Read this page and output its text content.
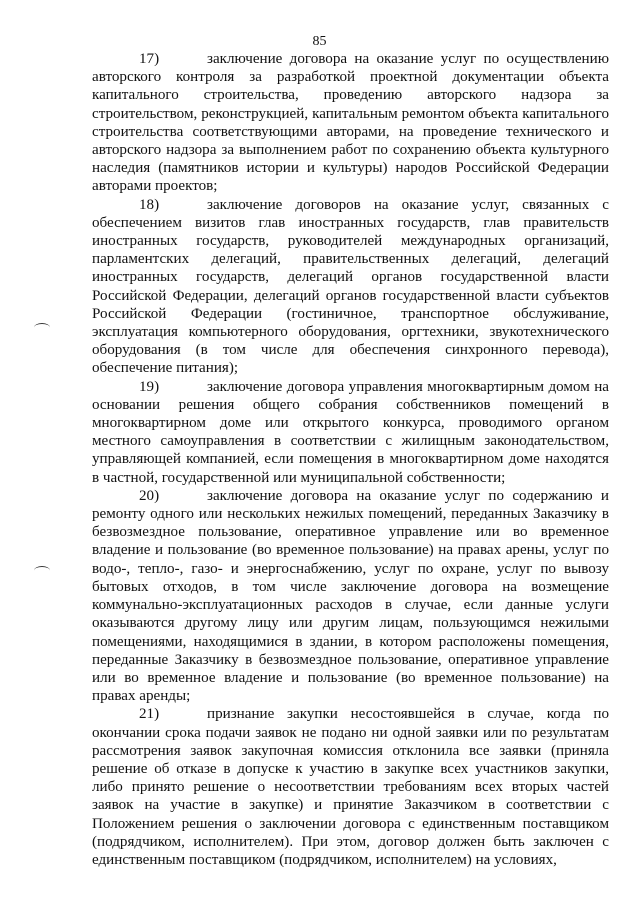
85

17)	заключение договора на оказание услуг по осуществлению авторского контроля за разработкой проектной документации объекта капитального строительства, проведению авторского надзора за строительством, реконструкцией, капитальным ремонтом объекта капитального строительства соответствующими авторами, на проведение технического и авторского надзора за выполнением работ по сохранению объекта культурного наследия (памятников истории и культуры) народов Российской Федерации авторами проектов;

18)	заключение договоров на оказание услуг, связанных с обеспечением визитов глав иностранных государств, глав правительств иностранных государств, руководителей международных организаций, парламентских делегаций, правительственных делегаций, делегаций иностранных государств, делегаций органов государственной власти Российской Федерации, делегаций органов государственной власти субъектов Российской Федерации (гостиничное, транспортное обслуживание, эксплуатация компьютерного оборудования, оргтехники, звукотехнического оборудования (в том числе для обеспечения синхронного перевода), обеспечение питания);

19)	заключение договора управления многоквартирным домом на основании решения общего собрания собственников помещений в многоквартирном доме или открытого конкурса, проводимого органом местного самоуправления в соответствии с жилищным законодательством, управляющей компанией, если помещения в многоквартирном доме находятся в частной, государственной или муниципальной собственности;

20)	заключение договора на оказание услуг по содержанию и ремонту одного или нескольких нежилых помещений, переданных Заказчику в безвозмездное пользование, оперативное управление или во временное владение и пользование (во временное пользование) на правах арены, услуг по водо-, тепло-, газо- и энергоснабжению, услуг по охране, услуг по вывозу бытовых отходов, в том числе заключение договора на возмещение коммунально-эксплуатационных расходов в случае, если данные услуги оказываются другому лицу или другим лицам, пользующимся нежилыми помещениями, находящимися в здании, в котором расположены помещения, переданные Заказчику в безвозмездное пользование, оперативное управление или во временное владение и пользование (во временное пользование) на правах аренды;

21)	признание закупки несостоявшейся в случае, когда по окончании срока подачи заявок не подано ни одной заявки или по результатам рассмотрения заявок закупочная комиссия отклонила все заявки (приняла решение об отказе в допуске к участию в закупке всех участников закупки, либо принято решение о несоответствии требованиям всех вторых частей заявок на участие в закупке) и принятие Заказчиком в соответствии с Положением решения о заключении договора с единственным поставщиком (подрядчиком, исполнителем). При этом, договор должен быть заключен с единственным поставщиком (подрядчиком, исполнителем) на условиях,
